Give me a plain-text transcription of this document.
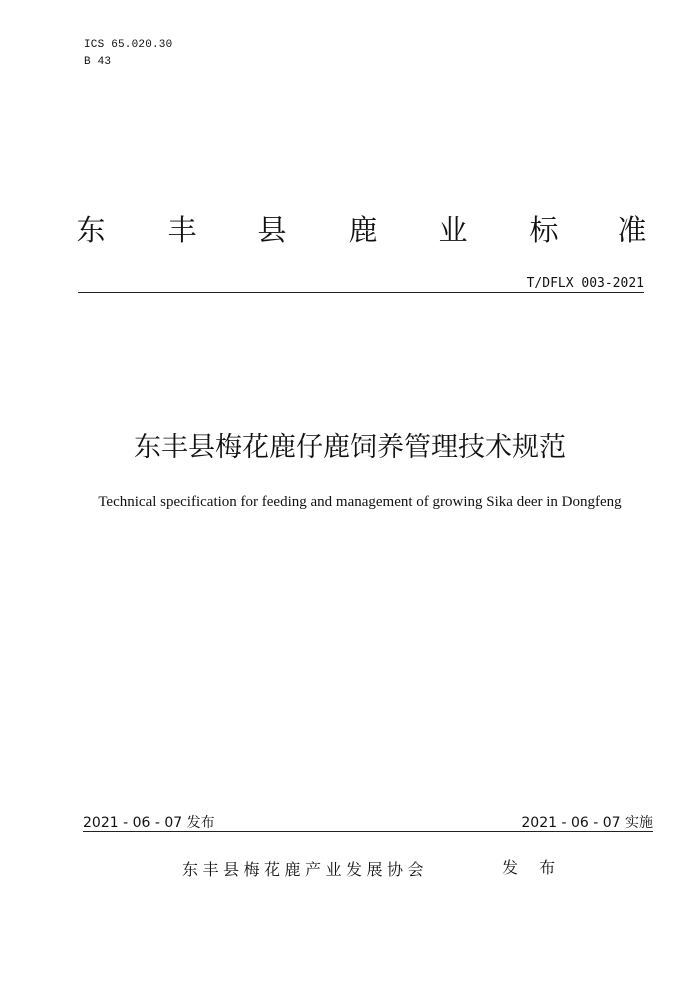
ICS 65.020.30
B 43
东 丰 县 鹿 业 标 准
T/DFLX 003-2021
东丰县梅花鹿仔鹿饲养管理技术规范
Technical specification for feeding and management of growing Sika deer in Dongfeng
2021 - 06 - 07 发布	2021 - 06 - 07 实施
东丰县梅花鹿产业发展协会	发 布
